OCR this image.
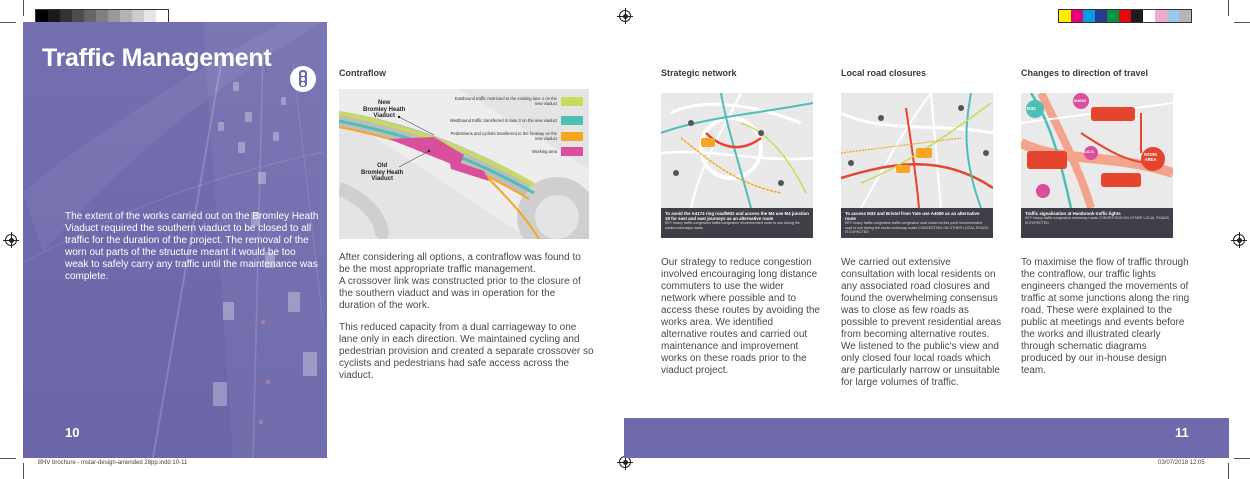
Traffic Management
The extent of the works carried out on the Bromley Heath Viaduct required the southern viaduct to be closed to all traffic for the duration of the project. The removal of the worn out parts of the structure meant it would be too weak to safely carry any traffic until the maintenance was complete.
10
Contraflow
New
Bromley Heath
Viaduct
Old
Bromley Heath
Viaduct
Eastbound traffic restricted to the existing lane 1 on the new viaduct
Westbound traffic transferred to lane 2 on the new viaduct
Pedestrians and cyclists transferred to the footway on the new viaduct
Working area
After considering all options, a contraflow was found to be the most appropriate traffic management.
A crossover link was constructed prior to the closure of the southern viaduct and was in operation for the duration of the work.
This reduced capacity from a dual carriageway to one lane only in each direction. We maintained cycling and pedestrian provision and created a separate crossover so cyclists and pedestrians had safe access across the viaduct.
Strategic network	Local road closures	Changes to direction of travel
To avoid the A4174 ring road/M32 and access the M4 use M4 junction 18 for east and east journeys as an alternative route
KEY heavy traffic congestion traffic congestion recommended route to use during the works motorways roads
To access M32 and Bristol from Yate use A4059 as an alternative route
KEY heavy traffic congestion traffic congestion road closed at this point recommended road to use during the works motorway roads CONGESTION ON OTHER LOCAL ROADS IS EXPECTED
M32
B4058
A4174	WORK
AREA
Traffic signalisation at Hambrook traffic lights
KEY heavy traffic congestion motorway roads CONGESTION ON OTHER LOCAL ROADS IS EXPECTED
Our strategy to reduce congestion involved encouraging long distance commuters to use the wider network where possible and to access these routes by avoiding the works area. We identified alternative routes and carried out maintenance and improvement works on these roads prior to the viaduct project.
We carried out extensive consultation with local residents on any associated road closures and found the overwhelming consensus was to close as few roads as possible to prevent residential areas from becoming alternative routes. We listened to the public's view and only closed four local roads which are particularly narrow or unsuitable for large volumes of traffic.
To maximise the flow of traffic through the contraflow, our traffic lights engineers changed the movements of traffic at some junctions along the ring road. These were explained to the public at meetings and events before the works and illustrated clearly through schematic diagrams produced by our in-house design team.
11
BHV brochure - mstar-design-amended 28pp.indd 10-11	03/07/2018 12:05
